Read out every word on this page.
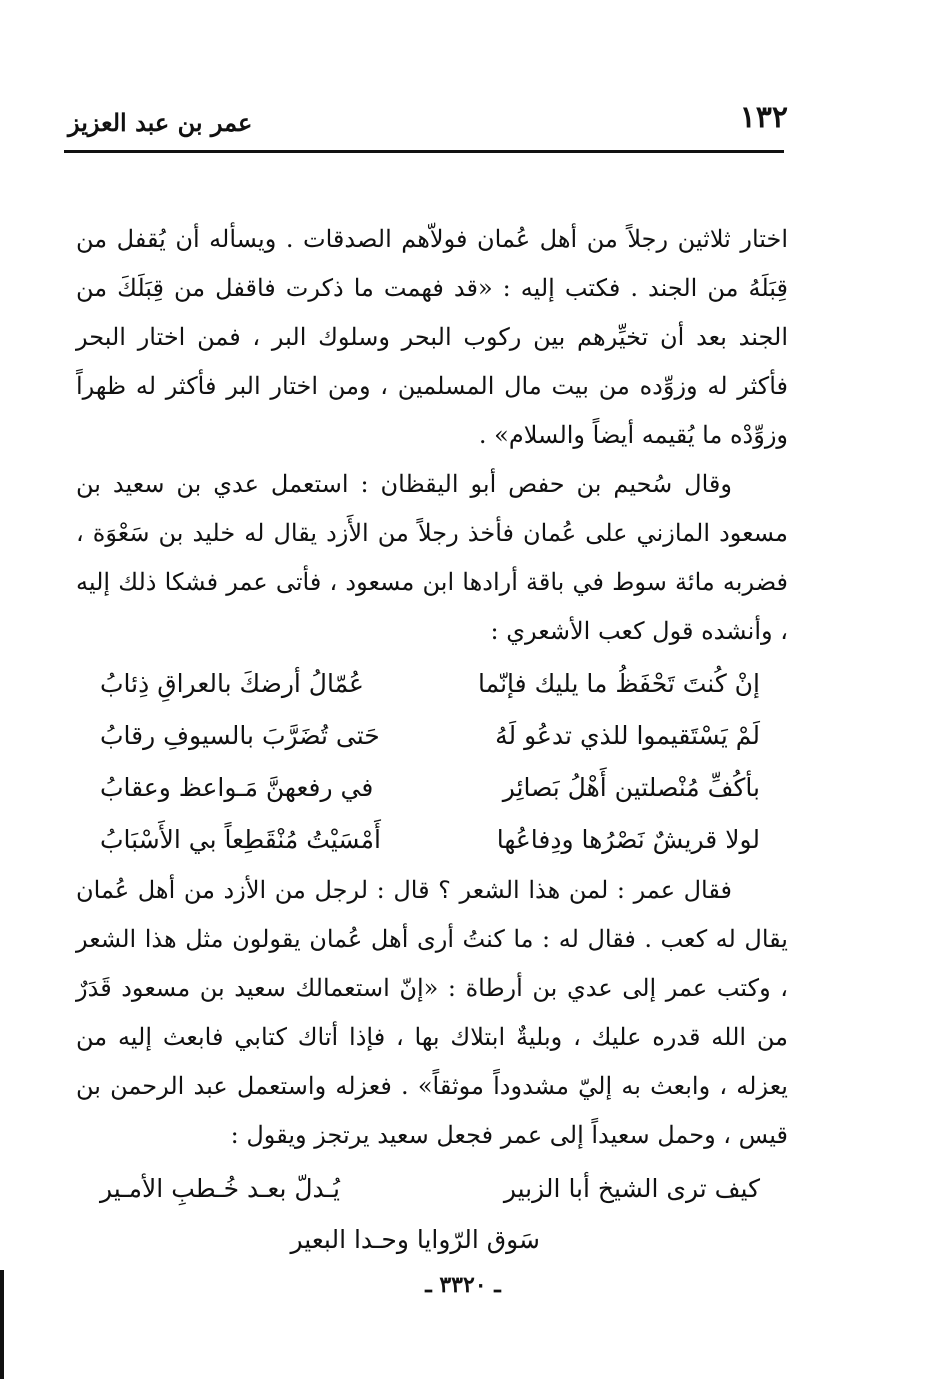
١٣٢
عمر بن عبد العزيز

اختار ثلاثين رجلاً من أهل عُمان فولاّهم الصدقات . ويسأله أن يُقفل من قِبَلَهُ من الجند . فكتب إليه : «قد فهمت ما ذكرت فاقفل من قِبَلَكَ من الجند بعد أن تخيِّرهم بين ركوب البحر وسلوك البر ، فمن اختار البحر فأكثر له وزوِّده من بيت مال المسلمين ، ومن اختار البر فأكثر له ظهراً وزوِّدْه ما يُقيمه أيضاً والسلام» .

وقال سُحيم بن حفص أبو اليقظان : استعمل عدي بن سعيد بن مسعود المازني على عُمان فأخذ رجلاً من الأَزد يقال له خليد بن سَعْوَة ، فضربه مائة سوط في باقة أرادها ابن مسعود ، فأتى عمر فشكا ذلك إليه ، وأنشده قول كعب الأشعري :

إنْ كُنتَ تَحْفَظُ ما يليك فإنّما
عُمّالُ أرضكَ بالعراقِ ذِئابُ
لَمْ يَسْتَقيموا للذي تدعُو لَهُ
حَتى تُضَرَّبَ بالسيوفِ رقابُ
بأكُفِّ مُنْصلتين أَهْلُ بَصائِر
في رفعهنَّ مَـواعظ وعقابُ
لولا قريشٌ نَصْرُها ودِفاعُها
أَمْسَيْتُ مُنْقَطِعاً بي الأَسْبَابُ

فقال عمر : لمن هذا الشعر ؟ قال : لرجل من الأزد من أهل عُمان يقال له كعب . فقال له : ما كنتُ أرى أهل عُمان يقولون مثل هذا الشعر ، وكتب عمر إلى عدي بن أرطاة : «إنّ استعمالك سعيد بن مسعود قَدَرٌ من الله قدره عليك ، وبليةٌ ابتلاك بها ، فإذا أتاك كتابي فابعث إليه من يعزله ، وابعث به إليّ مشدوداً موثقاً» . فعزله واستعمل عبد الرحمن بن قيس ، وحمل سعيداً إلى عمر فجعل سعيد يرتجز ويقول :

كيف ترى الشيخ أبا الزبير
يُـدلّ بعـد خُـطبِ الأمـير
سَوق الرّوايا وحـدا البعير
ـ ٣٣٢٠ ـ
